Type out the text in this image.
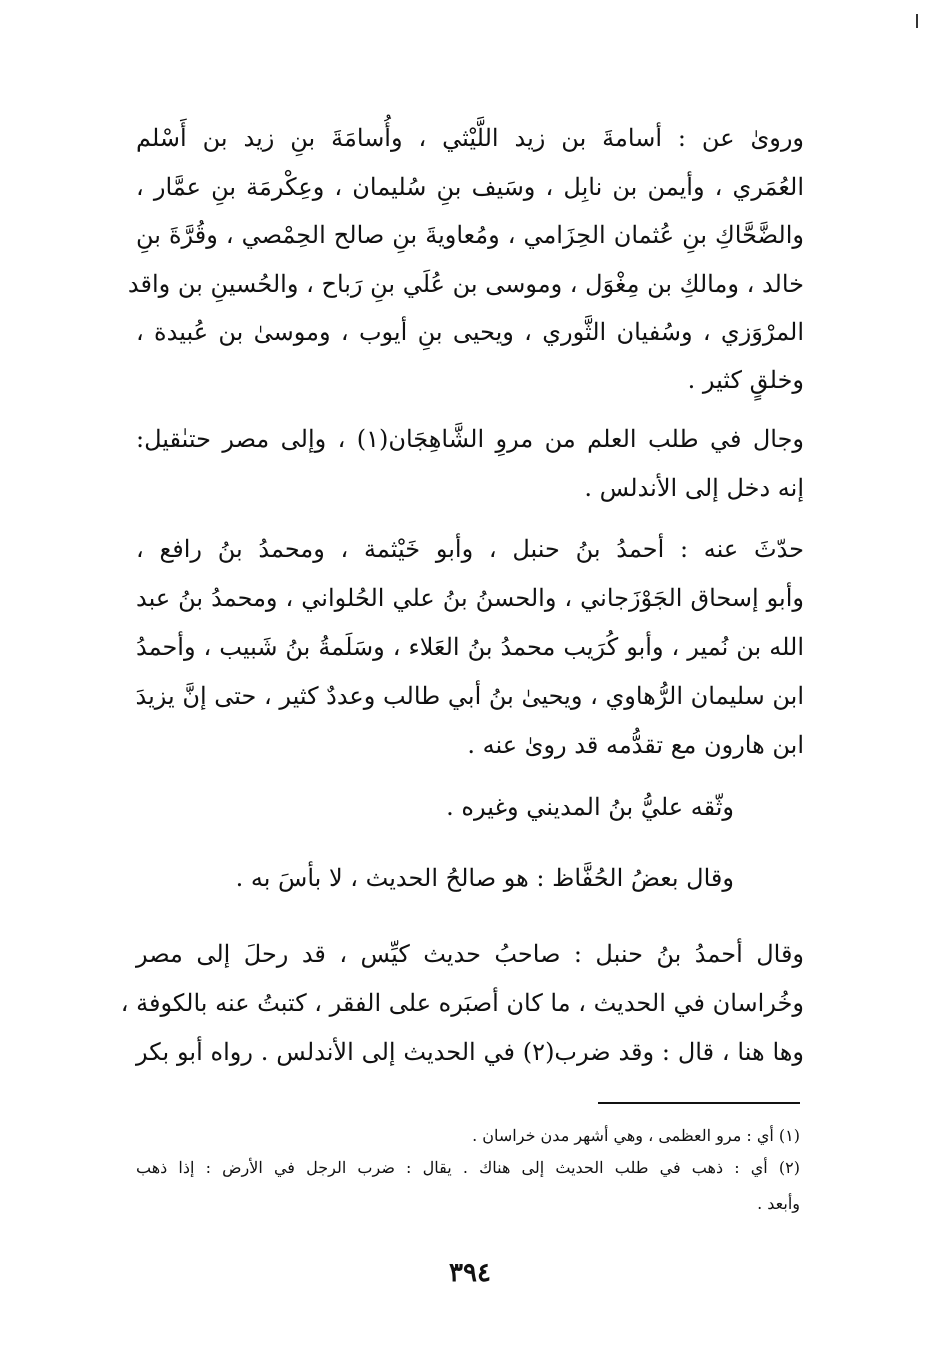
ورویٰ عن : أسامةَ بن زيد اللَّيْثي ، وأُسامَةَ بنِ زيد بن أَسْلم
العُمَري ، وأيمن بن نابِل ، وسَيف بنِ سُليمان ، وعِكْرمَة بنِ عمَّار ،
والضَّحَّاكِ بنِ عُثمان الحِزَامي ، ومُعاويةَ بنِ صالح الحِمْصي ، وقُرَّةَ بنِ
خالد ، ومالكِ بن مِغْوَل ، وموسى بن عُلَي بنِ رَباح ، والحُسينِ بن واقد
المرْوَزي ، وسُفيان الثَّوري ، ويحيى بنِ أيوب ، وموسىٰ بن عُبيدة ،
وخلقٍ كثير .
وجال في طلب العلم من مروِ الشَّاهِجَان(١) ، وإلى مصر حتىٰقيل:
إنه دخل إلى الأندلس .
حدّثَ عنه : أحمدُ بنُ حنبل ، وأبو خَيْثمة ، ومحمدُ بنُ رافع ،
وأبو إسحاق الجَوْزَجاني ، والحسنُ بنُ علي الحُلواني ، ومحمدُ بنُ عبد
الله بن نُمير ، وأبو كُرَيب محمدُ بنُ العَلاء ، وسَلَمةُ بنُ شَبيب ، وأحمدُ
ابن سليمان الرُّهاوي ، ويحيىٰ بنُ أبي طالب وعددٌ كثير ، حتى إنَّ يزيدَ
ابن هارون مع تقدُّمه قد روىٰ عنه .
وثّقه عليُّ بنُ المديني وغيره .
وقال بعضُ الحُفَّاظ : هو صالحُ الحديث ، لا بأسَ به .
وقال أحمدُ بنُ حنبل : صاحبُ حديث كيِّس ، قد رحلَ إلى مصر
وخُراسان في الحديث ، ما كان أصبَره على الفقر ، كتبتُ عنه بالكوفة ،
وها هنا ، قال : وقد ضرب(٢) في الحديث إلى الأندلس . رواه أبو بكر
(١) أي : مرو العظمى ، وهي أشهر مدن خراسان .
(٢) أي : ذهب في طلب الحديث إلى هناك . يقال : ضرب الرجل في الأرض : إذا ذهب
وأبعد .
٣٩٤
